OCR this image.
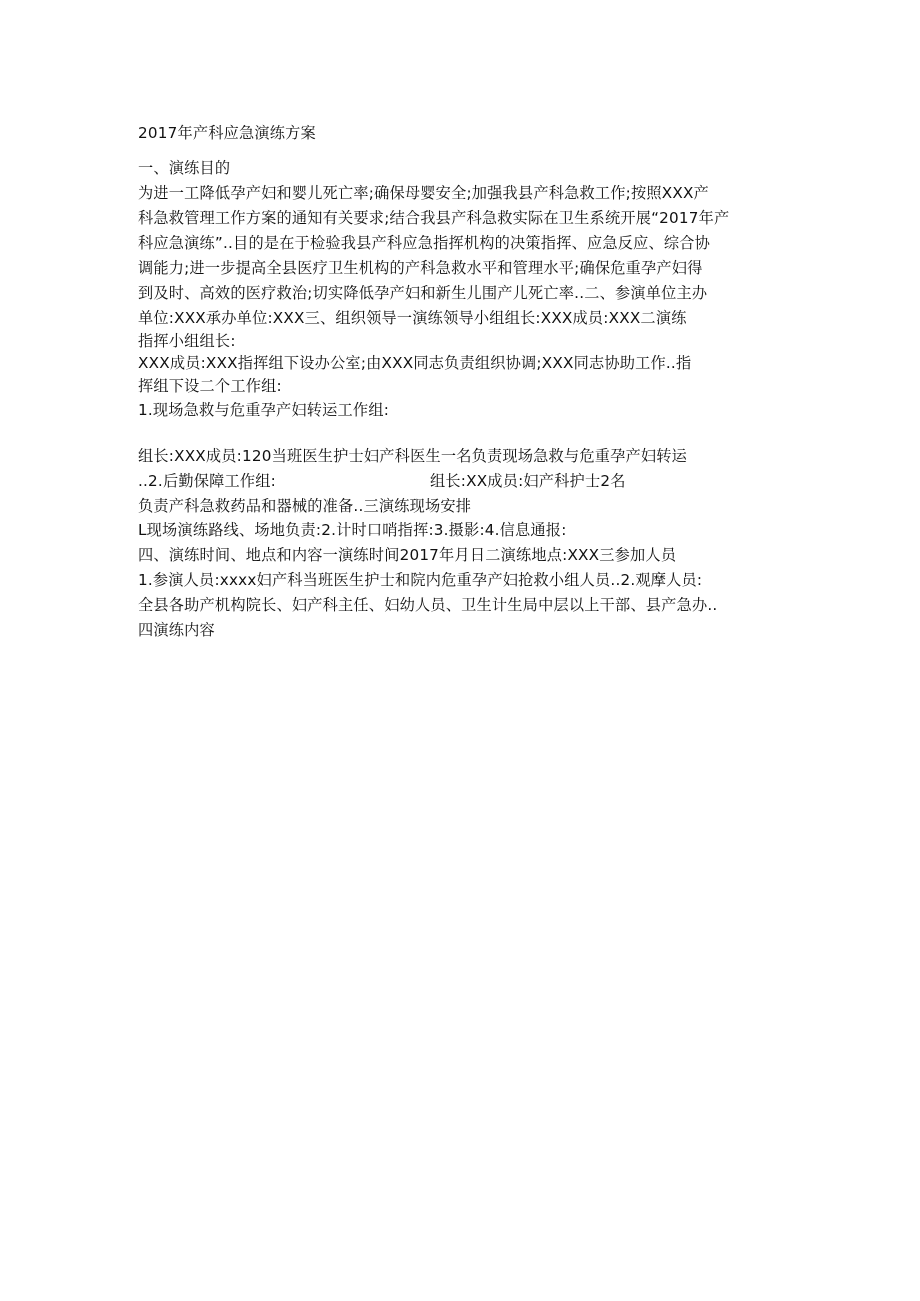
2017年产科应急演练方案
一、演练目的
为进一工降低孕产妇和婴儿死亡率;确保母婴安全;加强我县产科急救工作;按照XXX产
科急救管理工作方案的通知有关要求;结合我县产科急救实际在卫生系统开展“2017年产
科应急演练”..目的是在于检验我县产科应急指挥机构的决策指挥、应急反应、综合协
调能力;进一步提高全县医疗卫生机构的产科急救水平和管理水平;确保危重孕产妇得
到及时、高效的医疗救治;切实降低孕产妇和新生儿围产儿死亡率..二、参演单位主办
单位:XXX承办单位:XXX三、组织领导一演练领导小组组长:XXX成员:XXX二演练
指挥小组组长:
XXX成员:XXX指挥组下设办公室;由XXX同志负责组织协调;XXX同志协助工作..指
挥组下设二个工作组:
1.现场急救与危重孕产妇转运工作组:
组长:XXX成员:120当班医生护士妇产科医生一名负责现场急救与危重孕产妇转运
..2.后勤保障工作组:	组长:XX成员:妇产科护士2名
负责产科急救药品和器械的准备..三演练现场安排
L现场演练路线、场地负责:2.计时口哨指挥:3.摄影:4.信息通报:
四、演练时间、地点和内容一演练时间2017年月日二演练地点:XXX三参加人员
1.参演人员:xxxx妇产科当班医生护士和院内危重孕产妇抢救小组人员..2.观摩人员:
全县各助产机构院长、妇产科主任、妇幼人员、卫生计生局中层以上干部、县产急办..
四演练内容
